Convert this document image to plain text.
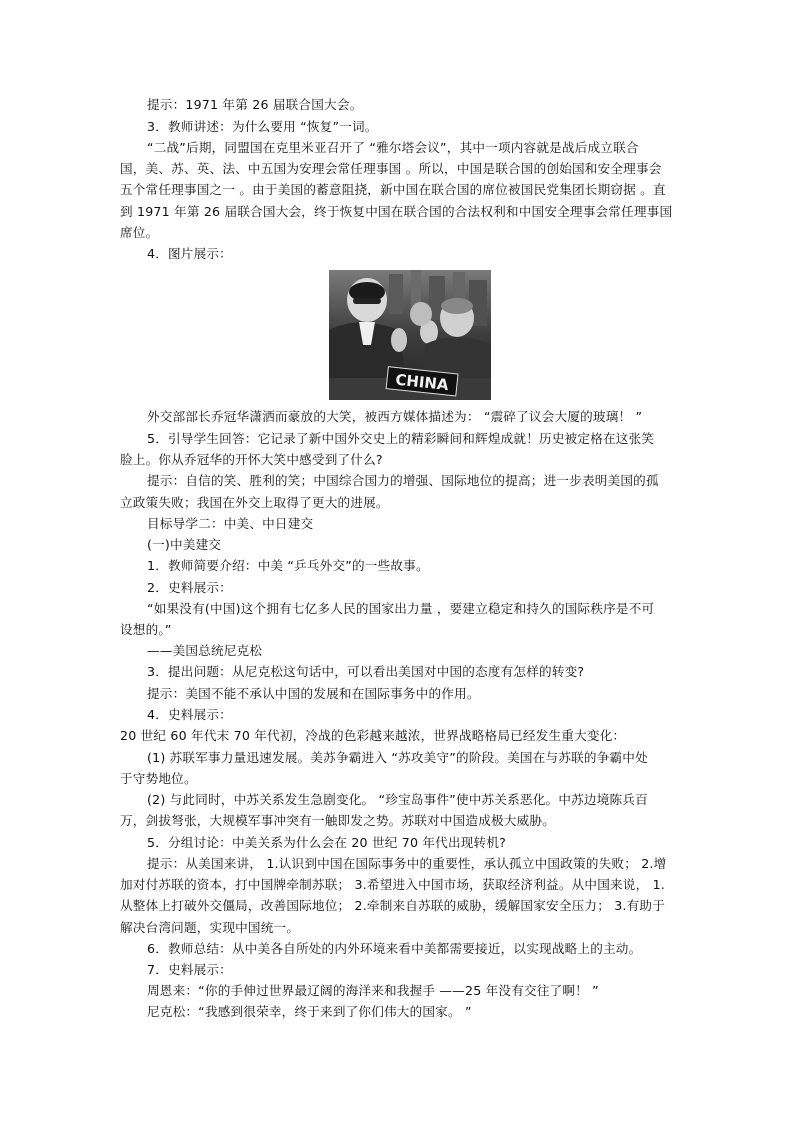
提示：1971 年第 26 届联合国大会。
3．教师讲述：为什么要用 “恢复”一词。
“二战”后期，同盟国在克里米亚召开了 “雅尔塔会议”，其中一项内容就是战后成立联合
国，美、苏、英、法、中五国为安理会常任理事国 。所以，中国是联合国的创始国和安全理事会
五个常任理事国之一 。由于美国的蓄意阻挠，新中国在联合国的席位被国民党集团长期窃据 。直
到 1971 年第 26 届联合国大会，终于恢复中国在联合国的合法权利和中国安全理事会常任理事国
席位。
4．图片展示：
CHINA
外交部部长乔冠华潇洒而豪放的大笑，被西方媒体描述为： “震碎了议会大厦的玻璃！ ”
5．引导学生回答：它记录了新中国外交史上的精彩瞬间和辉煌成就！历史被定格在这张笑
脸上。你从乔冠华的开怀大笑中感受到了什么?
提示：自信的笑、胜利的笑；中国综合国力的增强、国际地位的提高；进一步表明美国的孤
立政策失败；我国在外交上取得了更大的进展。
目标导学二：中美、中日建交
(一)中美建交
1．教师简要介绍：中美 “乒乓外交”的一些故事。
2．史料展示：
“如果没有(中国)这个拥有七亿多人民的国家出力量 ，要建立稳定和持久的国际秩序是不可
设想的。”
——美国总统尼克松
3．提出问题：从尼克松这句话中，可以看出美国对中国的态度有怎样的转变?
提示：美国不能不承认中国的发展和在国际事务中的作用。
4．史料展示：
20 世纪 60 年代末 70 年代初，冷战的色彩越来越浓，世界战略格局已经发生重大变化：
(1) 苏联军事力量迅速发展。美苏争霸进入 “苏攻美守”的阶段。美国在与苏联的争霸中处
于守势地位。
(2) 与此同时，中苏关系发生急剧变化。 “珍宝岛事件”使中苏关系恶化。中苏边境陈兵百
万，剑拔弩张，大规模军事冲突有一触即发之势。苏联对中国造成极大威胁。
5．分组讨论：中美关系为什么会在 20 世纪 70 年代出现转机?
提示：从美国来讲， 1.认识到中国在国际事务中的重要性，承认孤立中国政策的失败； 2.增
加对付苏联的资本，打中国牌牵制苏联； 3.希望进入中国市场，获取经济利益。从中国来说， 1.
从整体上打破外交僵局，改善国际地位； 2.牵制来自苏联的威胁，缓解国家安全压力； 3.有助于
解决台湾问题，实现中国统一。
6．教师总结：从中美各自所处的内外环境来看中美都需要接近，以实现战略上的主动。
7．史料展示：
周恩来：“你的手伸过世界最辽阔的海洋来和我握手 ——25 年没有交往了啊！ ”
尼克松：“我感到很荣幸，终于来到了你们伟大的国家。 ”
